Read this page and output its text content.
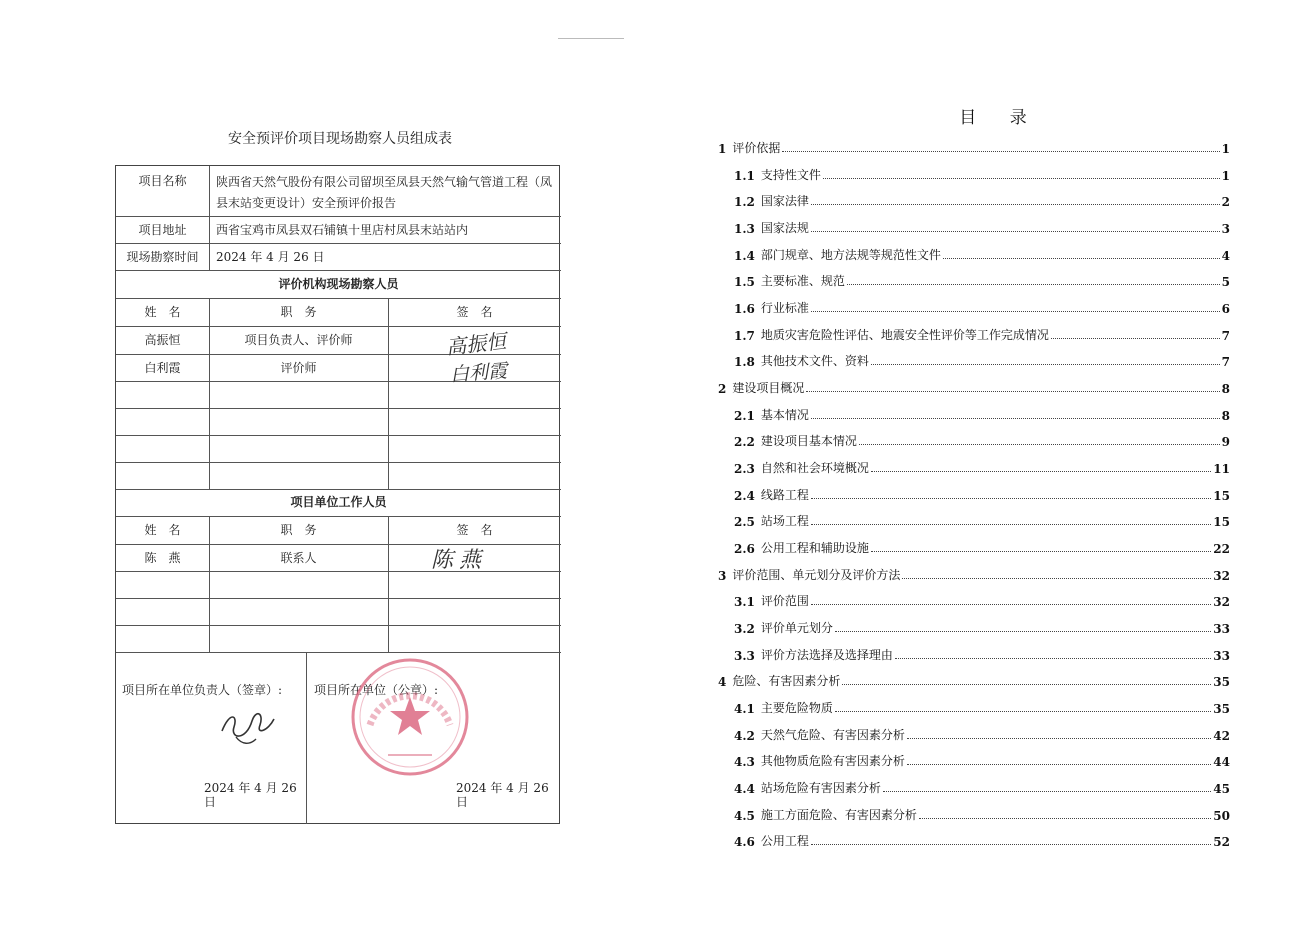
安全预评价项目现场勘察人员组成表
项目名称	陕西省天然气股份有限公司留坝至凤县天然气输气管道工程（凤县末站变更设计）安全预评价报告
项目地址	西省宝鸡市凤县双石铺镇十里店村凤县末站站内
现场勘察时间	2024 年 4 月 26 日
评价机构现场勘察人员
姓　名	职　务	签　名
高振恒	项目负责人、评价师	高振恒
白利霞	评价师	白利霞
项目单位工作人员
姓　名	职　务	签　名
陈　燕	联系人	陈燕
项目所在单位负责人（签章）:	项目所在单位（公章）:
2024 年 4 月 26 日
2024 年 4 月 26 日
目 录
1 评价依据	1
1.1 支持性文件	1
1.2 国家法律	2
1.3 国家法规	3
1.4 部门规章、地方法规等规范性文件	4
1.5 主要标准、规范	5
1.6 行业标准	6
1.7 地质灾害危险性评估、地震安全性评价等工作完成情况	7
1.8 其他技术文件、资料	7
2 建设项目概况	8
2.1 基本情况	8
2.2 建设项目基本情况	9
2.3 自然和社会环境概况	11
2.4 线路工程	15
2.5 站场工程	15
2.6 公用工程和辅助设施	22
3 评价范围、单元划分及评价方法	32
3.1 评价范围	32
3.2 评价单元划分	33
3.3 评价方法选择及选择理由	33
4 危险、有害因素分析	35
4.1 主要危险物质	35
4.2 天然气危险、有害因素分析	42
4.3 其他物质危险有害因素分析	44
4.4 站场危险有害因素分析	45
4.5 施工方面危险、有害因素分析	50
4.6 公用工程	52
